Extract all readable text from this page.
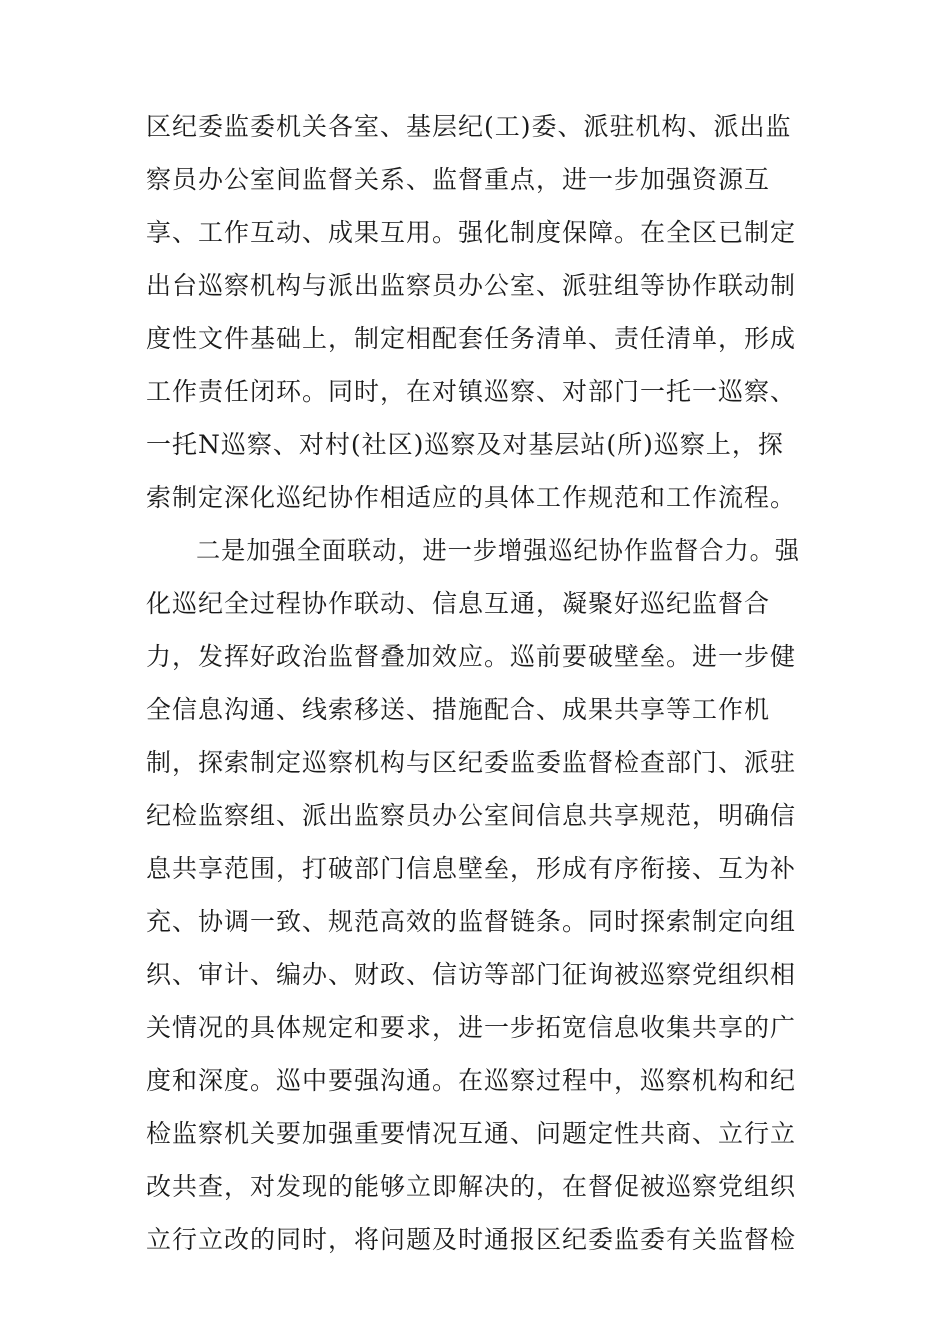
区纪委监委机关各室、基层纪(工)委、派驻机构、派出监
察员办公室间监督关系、监督重点，进一步加强资源互
享、工作互动、成果互用。强化制度保障。在全区已制定
出台巡察机构与派出监察员办公室、派驻组等协作联动制
度性文件基础上，制定相配套任务清单、责任清单，形成
工作责任闭环。同时，在对镇巡察、对部门一托一巡察、
一托N巡察、对村(社区)巡察及对基层站(所)巡察上，探
索制定深化巡纪协作相适应的具体工作规范和工作流程。
二是加强全面联动，进一步增强巡纪协作监督合力。强
化巡纪全过程协作联动、信息互通，凝聚好巡纪监督合
力，发挥好政治监督叠加效应。巡前要破壁垒。进一步健
全信息沟通、线索移送、措施配合、成果共享等工作机
制，探索制定巡察机构与区纪委监委监督检查部门、派驻
纪检监察组、派出监察员办公室间信息共享规范，明确信
息共享范围，打破部门信息壁垒，形成有序衔接、互为补
充、协调一致、规范高效的监督链条。同时探索制定向组
织、审计、编办、财政、信访等部门征询被巡察党组织相
关情况的具体规定和要求，进一步拓宽信息收集共享的广
度和深度。巡中要强沟通。在巡察过程中，巡察机构和纪
检监察机关要加强重要情况互通、问题定性共商、立行立
改共查，对发现的能够立即解决的，在督促被巡察党组织
立行立改的同时，将问题及时通报区纪委监委有关监督检
